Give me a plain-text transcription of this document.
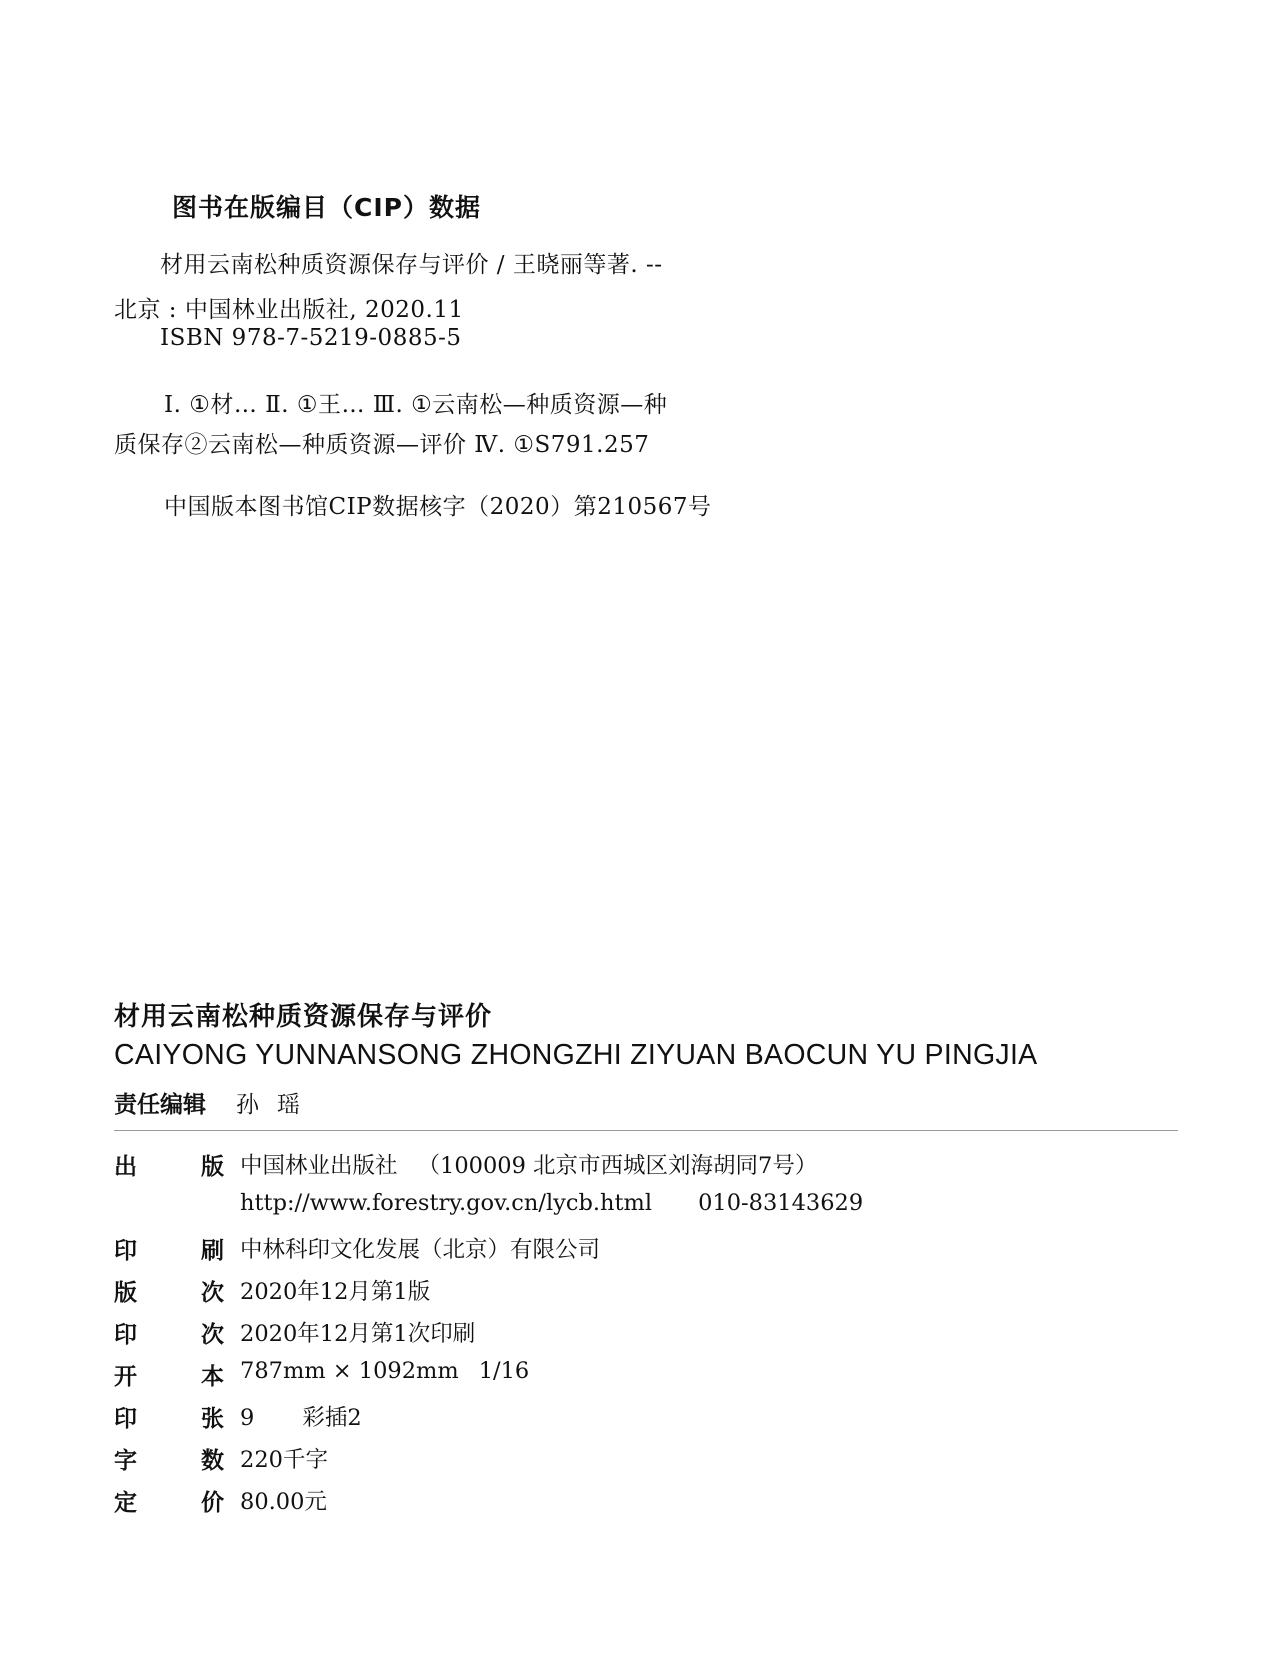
图书在版编目（CIP）数据
材用云南松种质资源保存与评价 / 王晓丽等著. --
北京 : 中国林业出版社, 2020.11
ISBN 978-7-5219-0885-5
Ⅰ. ①材… Ⅱ. ①王… Ⅲ. ①云南松—种质资源—种
质保存②云南松—种质资源—评价 Ⅳ. ①S791.257
中国版本图书馆CIP数据核字（2020）第210567号
材用云南松种质资源保存与评价
CAIYONG YUNNANSONG ZHONGZHI ZIYUAN BAOCUN YU PINGJIA
责任编辑 孙瑶
出	版 中国林业出版社 （100009 北京市西城区刘海胡同7号）
http://www.forestry.gov.cn/lycb.html 010-83143629
印	刷 中林科印文化发展（北京）有限公司
版	次 2020年12月第1版
印	次 2020年12月第1次印刷
开	本 787mm × 1092mm 1/16
印	张 9 彩插2
字	数 220千字
定	价 80.00元
